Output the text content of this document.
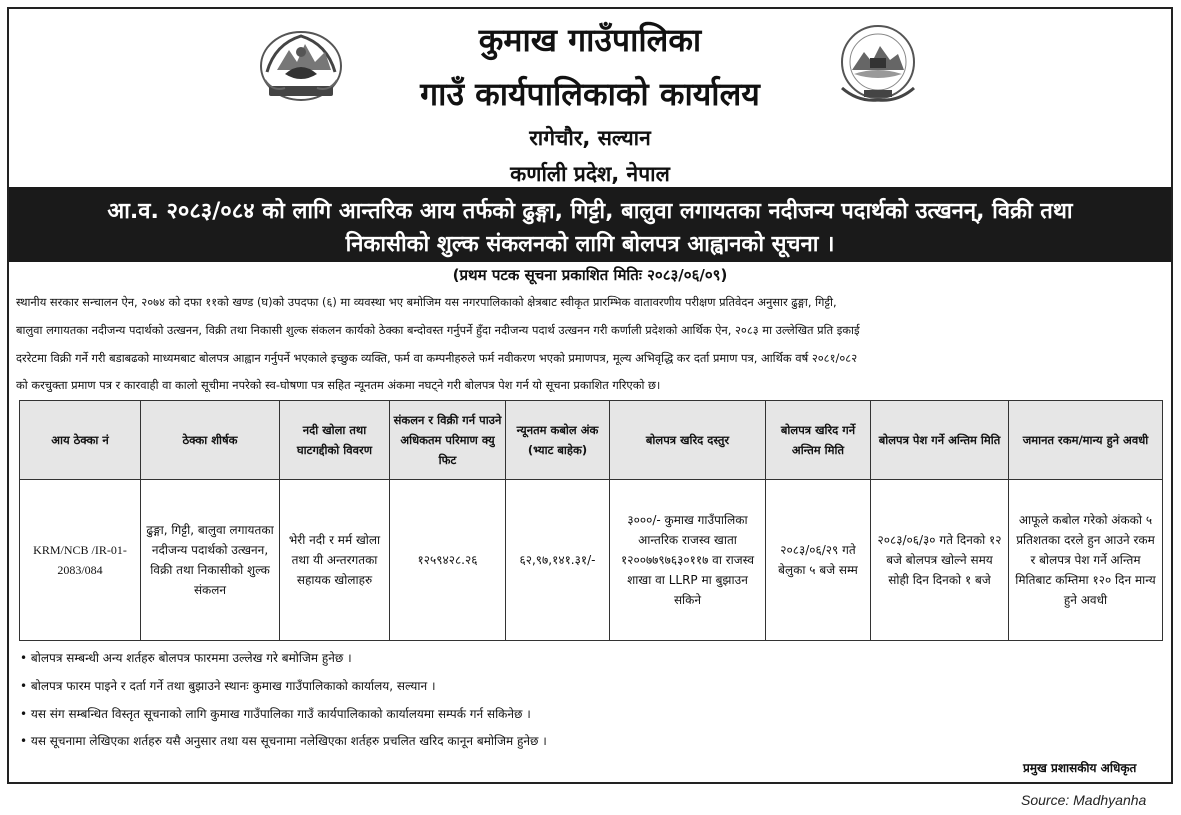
कुमाख गाउँपालिका
गाउँ कार्यपालिकाको कार्यालय
रागेचौर, सल्यान
कर्णाली प्रदेश, नेपाल
आ.व. २०८३/०८४ को लागि आन्तरिक आय तर्फको ढुङ्गा, गिट्टी, बालुवा लगायतका नदीजन्य पदार्थको उत्खनन्, विक्री तथा
निकासीको शुल्क संकलनको लागि बोलपत्र आह्वानको सूचना ।
(प्रथम पटक सूचना प्रकाशित मितिः २०८३/०६/०९)
स्थानीय सरकार सन्चालन ऐन, २०७४ को दफा ११को खण्ड (घ)को उपदफा (६) मा व्यवस्था भए बमोजिम यस नगरपालिकाको क्षेत्रबाट स्वीकृत प्रारम्भिक वातावरणीय परीक्षण प्रतिवेदन अनुसार ढुङ्गा, गिट्टी,
बालुवा लगायतका नदीजन्य पदार्थको उत्खनन, विक्री तथा निकासी शुल्क संकलन कार्यको ठेक्का बन्दोवस्त गर्नुपर्ने हुँदा नदीजन्य पदार्थ उत्खनन गरी कर्णाली प्रदेशको आर्थिक ऐन, २०८३ मा उल्लेखित प्रति इकाई
दररेटमा विक्री गर्ने गरी बडाबढको माध्यमबाट बोलपत्र आह्वान गर्नुपर्ने भएकाले इच्छुक व्यक्ति, फर्म वा कम्पनीहरुले फर्म नवीकरण भएको प्रमाणपत्र, मूल्य अभिवृद्धि कर दर्ता प्रमाण पत्र, आर्थिक वर्ष २०८१/०८२
को करचुक्ता प्रमाण पत्र र कारवाही वा कालो सूचीमा नपरेको स्व-घोषणा पत्र सहित न्यूनतम अंकमा नघट्ने गरी बोलपत्र पेश गर्न यो सूचना प्रकाशित गरिएको छ।
आय ठेक्का नं	ठेक्का शीर्षक	नदी खोला तथा घाटगद्दीको विवरण	संकलन र विक्री गर्न पाउने अधिकतम परिमाण क्यु फिट	न्यूनतम कबोल अंक (भ्याट बाहेक)	बोलपत्र खरिद दस्तुर	बोलपत्र खरिद गर्ने अन्तिम मिति	बोलपत्र पेश गर्ने अन्तिम मिति	जमानत रकम/मान्य हुने अवधी
KRM/NCB /IR-01-2083/084	ढुङ्गा, गिट्टी, बालुवा लगायतका नदीजन्य पदार्थको उत्खनन, विक्री तथा निकासीको शुल्क संकलन	भेरी नदी र मर्म खोला तथा यी अन्तरगतका सहायक खोलाहरु	१२५९४२८.२६	६२,९७,१४१.३१/-	३०००/- कुमाख गाउँपालिका आन्तरिक राजस्व खाता १२००७७९७६३०११७ वा राजस्व शाखा वा LLRP मा बुझाउन सकिने	२०८३/०६/२९ गते बेलुका ५ बजे सम्म	२०८३/०६/३० गते दिनको १२ बजे बोलपत्र खोल्ने समय सोही दिन दिनको १ बजे	आफूले कबोल गरेको अंकको ५ प्रतिशतका दरले हुन आउने रकम र बोलपत्र पेश गर्ने अन्तिम मितिबाट कम्तिमा १२० दिन मान्य हुने अवधी
• बोलपत्र सम्बन्धी अन्य शर्तहरु बोलपत्र फारममा उल्लेख गरे बमोजिम हुनेछ ।
• बोलपत्र फारम पाइने र दर्ता गर्ने तथा बुझाउने स्थानः कुमाख गाउँपालिकाको कार्यालय, सल्यान ।
• यस संग सम्बन्धित विस्तृत सूचनाको लागि कुमाख गाउँपालिका गाउँ कार्यपालिकाको कार्यालयमा सम्पर्क गर्न सकिनेछ ।
• यस सूचनामा लेखिएका शर्तहरु यसै अनुसार तथा यस सूचनामा नलेखिएका शर्तहरु प्रचलित खरिद कानून बमोजिम हुनेछ ।
प्रमुख प्रशासकीय अधिकृत
Source: Madhyanha
